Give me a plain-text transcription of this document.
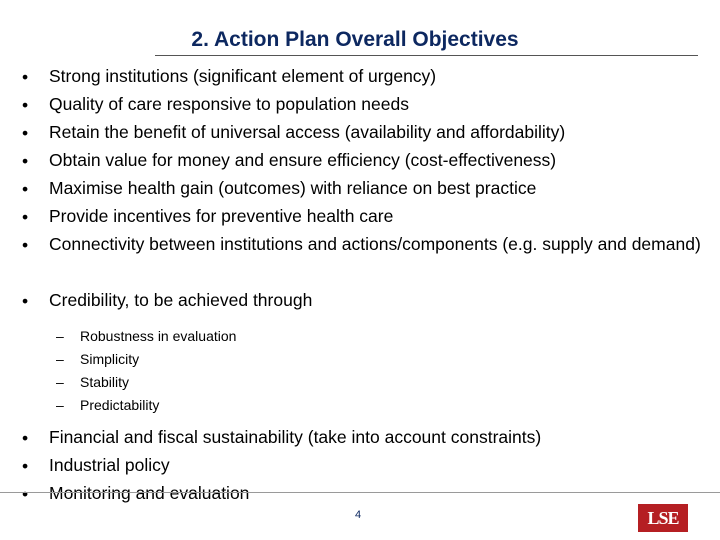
2. Action Plan Overall Objectives
•	Strong institutions (significant element of urgency)
•	Quality of care responsive to population needs
•	Retain the benefit of universal access (availability and affordability)
•	Obtain value for money and ensure efficiency (cost-effectiveness)
•	Maximise health gain (outcomes) with reliance on best practice
•	Provide incentives for preventive health care
•	Connectivity between institutions and actions/components (e.g. supply and demand)
•	Credibility, to be achieved through
–	Robustness in evaluation
–	Simplicity
–	Stability
–	Predictability
•	Financial and fiscal sustainability (take into account constraints)
•	Industrial policy
•	Monitoring and evaluation
4	LSE
